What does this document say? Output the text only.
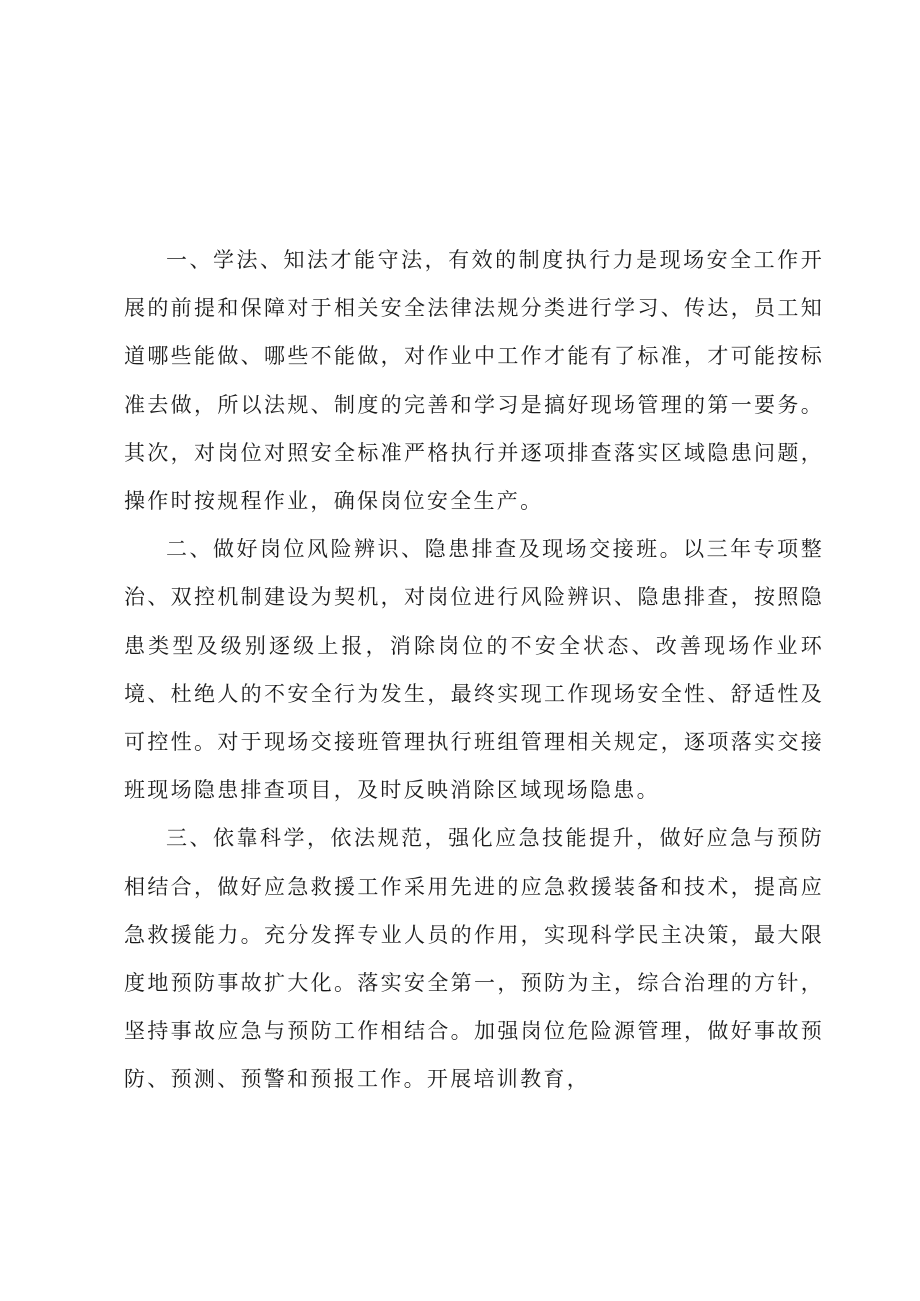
一、学法、知法才能守法，有效的制度执行力是现场安全工作开展的前提和保障对于相关安全法律法规分类进行学习、传达，员工知道哪些能做、哪些不能做，对作业中工作才能有了标准，才可能按标准去做，所以法规、制度的完善和学习是搞好现场管理的第一要务。其次，对岗位对照安全标准严格执行并逐项排查落实区域隐患问题，操作时按规程作业，确保岗位安全生产。

二、做好岗位风险辨识、隐患排查及现场交接班。以三年专项整治、双控机制建设为契机，对岗位进行风险辨识、隐患排查，按照隐患类型及级别逐级上报，消除岗位的不安全状态、改善现场作业环境、杜绝人的不安全行为发生，最终实现工作现场安全性、舒适性及可控性。对于现场交接班管理执行班组管理相关规定，逐项落实交接班现场隐患排查项目，及时反映消除区域现场隐患。

三、依靠科学，依法规范，强化应急技能提升，做好应急与预防相结合，做好应急救援工作采用先进的应急救援装备和技术，提高应急救援能力。充分发挥专业人员的作用，实现科学民主决策，最大限度地预防事故扩大化。落实安全第一，预防为主，综合治理的方针，坚持事故应急与预防工作相结合。加强岗位危险源管理，做好事故预防、预测、预警和预报工作。开展培训教育，
